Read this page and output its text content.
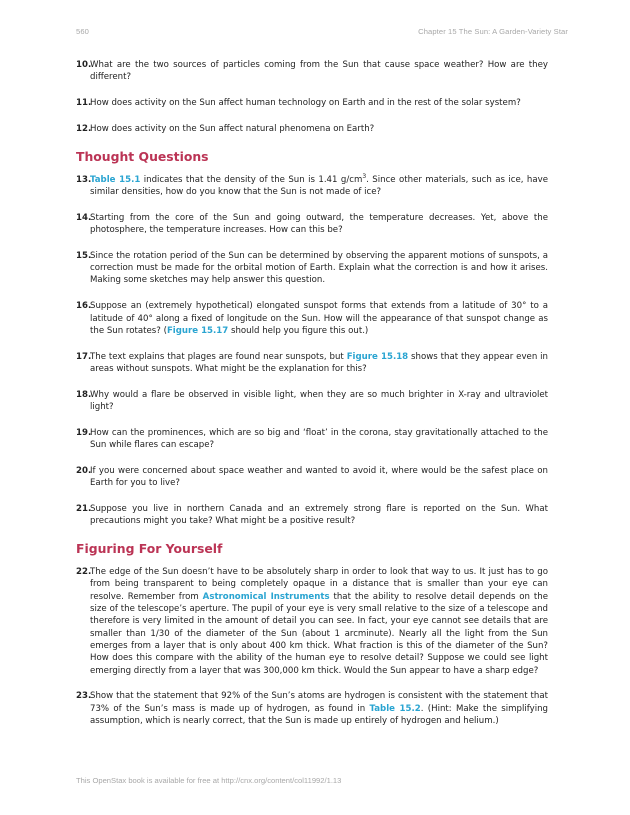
560	Chapter 15 The Sun: A Garden-Variety Star
10.
What are the two sources of particles coming from the Sun that cause space weather? How are they different?
11.
How does activity on the Sun affect human technology on Earth and in the rest of the solar system?
12.
How does activity on the Sun affect natural phenomena on Earth?
Thought Questions
13.
Table 15.1 indicates that the density of the Sun is 1.41 $g/cm^3$. Since other materials, such as ice, have similar densities, how do you know that the Sun is not made of ice?
14.
Starting from the core of the Sun and going outward, the temperature decreases. Yet, above the photosphere, the temperature increases. How can this be?
15.
Since the rotation period of the Sun can be determined by observing the apparent motions of sunspots, a correction must be made for the orbital motion of Earth. Explain what the correction is and how it arises. Making some sketches may help answer this question.
16.
Suppose an (extremely hypothetical) elongated sunspot forms that extends from a latitude of 30° to a latitude of 40° along a fixed of longitude on the Sun. How will the appearance of that sunspot change as the Sun rotates? (Figure 15.17 should help you figure this out.)
17.
The text explains that plages are found near sunspots, but Figure 15.18 shows that they appear even in areas without sunspots. What might be the explanation for this?
18.
Why would a flare be observed in visible light, when they are so much brighter in X-ray and ultraviolet light?
19.
How can the prominences, which are so big and ‘float’ in the corona, stay gravitationally attached to the Sun while flares can escape?
20.
If you were concerned about space weather and wanted to avoid it, where would be the safest place on Earth for you to live?
21.
Suppose you live in northern Canada and an extremely strong flare is reported on the Sun. What precautions might you take? What might be a positive result?
Figuring For Yourself
22.
The edge of the Sun doesn’t have to be absolutely sharp in order to look that way to us. It just has to go from being transparent to being completely opaque in a distance that is smaller than your eye can resolve. Remember from Astronomical Instruments that the ability to resolve detail depends on the size of the telescope’s aperture. The pupil of your eye is very small relative to the size of a telescope and therefore is very limited in the amount of detail you can see. In fact, your eye cannot see details that are smaller than 1/30 of the diameter of the Sun (about 1 arcminute). Nearly all the light from the Sun emerges from a layer that is only about 400 km thick. What fraction is this of the diameter of the Sun? How does this compare with the ability of the human eye to resolve detail? Suppose we could see light emerging directly from a layer that was 300,000 km thick. Would the Sun appear to have a sharp edge?
23.
Show that the statement that 92% of the Sun’s atoms are hydrogen is consistent with the statement that 73% of the Sun’s mass is made up of hydrogen, as found in Table 15.2. (Hint: Make the simplifying assumption, which is nearly correct, that the Sun is made up entirely of hydrogen and helium.)
This OpenStax book is available for free at http://cnx.org/content/col11992/1.13
